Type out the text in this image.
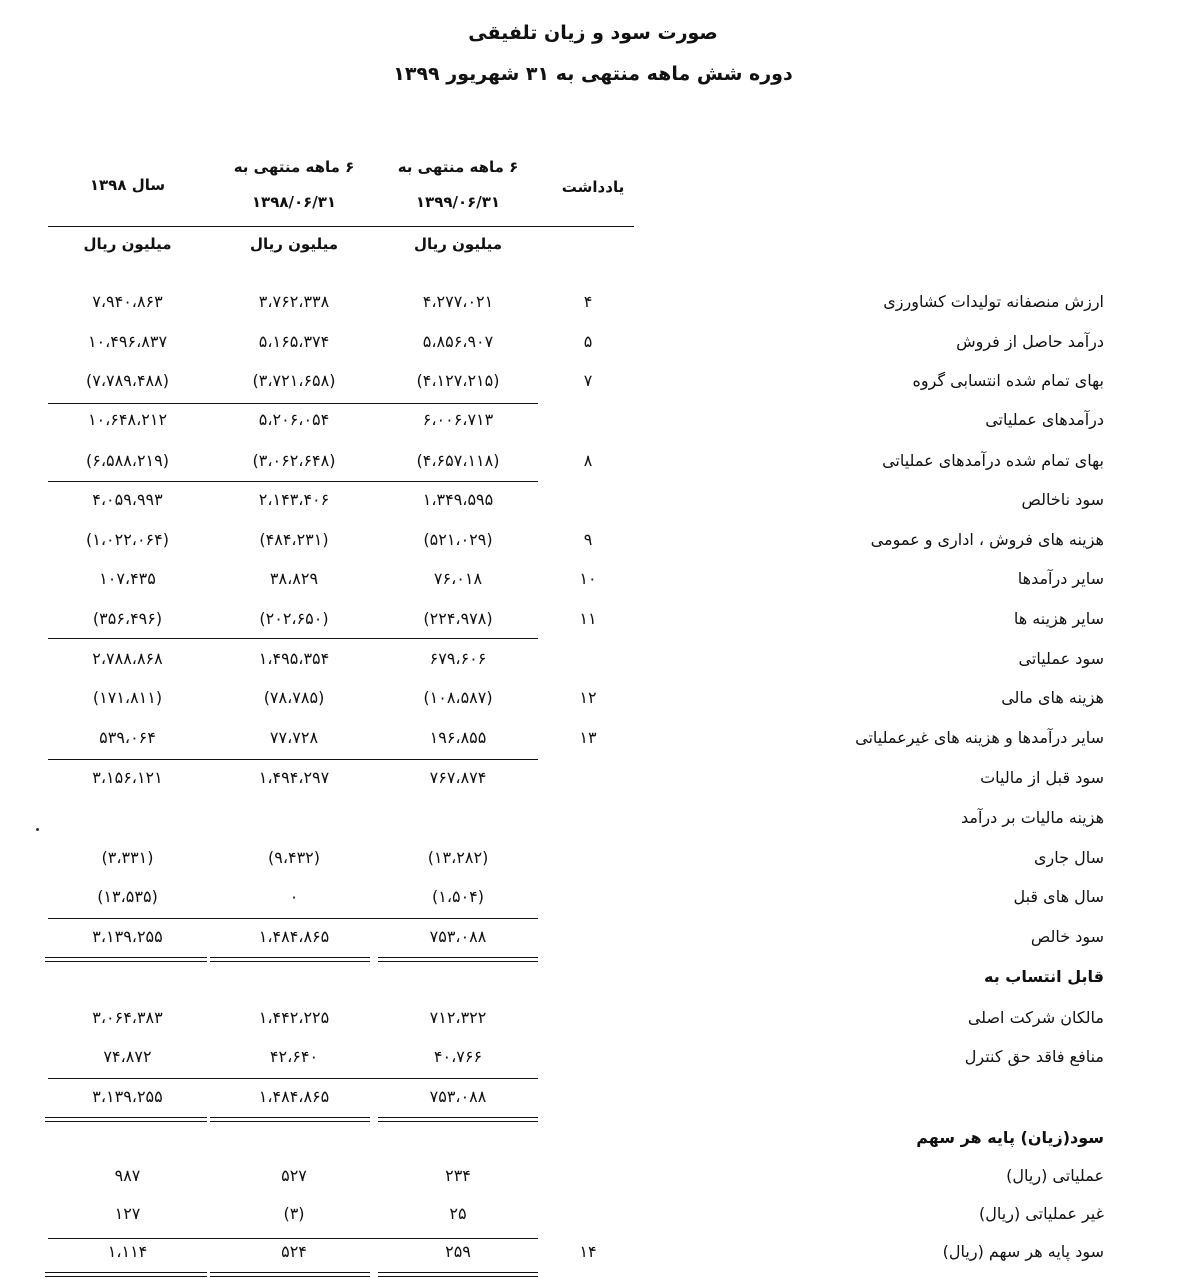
صورت سود و زیان تلفیقی
دوره شش ماهه منتهی به ۳۱ شهریور ۱۳۹۹
يادداشت
۶ ماهه منتهی به
۱۳۹۹/۰۶/۳۱
۶ ماهه منتهی به
۱۳۹۸/۰۶/۳۱
سال ۱۳۹۸
میلیون ریال
میلیون ریال
میلیون ریال
ارزش منصفانه تولیدات کشاورزی
۴
۴،۲۷۷،۰۲۱
۳،۷۶۲،۳۳۸
۷،۹۴۰،۸۶۳
درآمد حاصل از فروش
۵
۵،۸۵۶،۹۰۷
۵،۱۶۵،۳۷۴
۱۰،۴۹۶،۸۳۷
بهای تمام شده انتسابی گروه
۷
(۴،۱۲۷،۲۱۵)
(۳،۷۲۱،۶۵۸)
(۷،۷۸۹،۴۸۸)
درآمدهای عملیاتی
۶،۰۰۶،۷۱۳
۵،۲۰۶،۰۵۴
۱۰،۶۴۸،۲۱۲
بهای تمام شده درآمدهای عملیاتی
۸
(۴،۶۵۷،۱۱۸)
(۳،۰۶۲،۶۴۸)
(۶،۵۸۸،۲۱۹)
سود ناخالص
۱،۳۴۹،۵۹۵
۲،۱۴۳،۴۰۶
۴،۰۵۹،۹۹۳
هزینه های فروش ، اداری و عمومی
۹
(۵۲۱،۰۲۹)
(۴۸۴،۲۳۱)
(۱،۰۲۲،۰۶۴)
سایر درآمدها
۱۰
۷۶،۰۱۸
۳۸،۸۲۹
۱۰۷،۴۳۵
سایر هزینه ها
۱۱
(۲۲۴،۹۷۸)
(۲۰۲،۶۵۰)
(۳۵۶،۴۹۶)
سود عملیاتی
۶۷۹،۶۰۶
۱،۴۹۵،۳۵۴
۲،۷۸۸،۸۶۸
هزینه های مالی
۱۲
(۱۰۸،۵۸۷)
(۷۸،۷۸۵)
(۱۷۱،۸۱۱)
سایر درآمدها و هزینه های غیرعملیاتی
۱۳
۱۹۶،۸۵۵
۷۷،۷۲۸
۵۳۹،۰۶۴
سود قبل از مالیات
۷۶۷،۸۷۴
۱،۴۹۴،۲۹۷
۳،۱۵۶،۱۲۱
هزینه مالیات بر درآمد
سال جاری
(۱۳،۲۸۲)
(۹،۴۳۲)
(۳،۳۳۱)
سال های قبل
(۱،۵۰۴)
۰
(۱۳،۵۳۵)
سود خالص
۷۵۳،۰۸۸
۱،۴۸۴،۸۶۵
۳،۱۳۹،۲۵۵
قابل انتساب به
مالکان شرکت اصلی
۷۱۲،۳۲۲
۱،۴۴۲،۲۲۵
۳،۰۶۴،۳۸۳
منافع فاقد حق کنترل
۴۰،۷۶۶
۴۲،۶۴۰
۷۴،۸۷۲
۷۵۳،۰۸۸
۱،۴۸۴،۸۶۵
۳،۱۳۹،۲۵۵
سود(زیان) پایه هر سهم
عملیاتی (ریال)
۲۳۴
۵۲۷
۹۸۷
غیر عملیاتی (ریال)
۲۵
(۳)
۱۲۷
سود پایه هر سهم (ریال)
۱۴
۲۵۹
۵۲۴
۱،۱۱۴
